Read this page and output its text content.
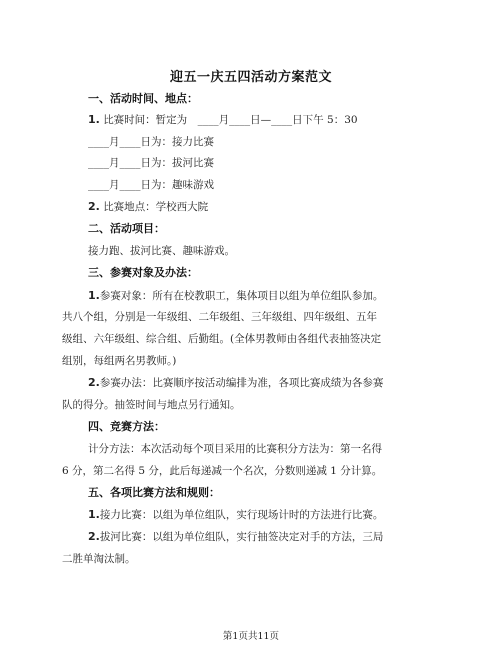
迎五一庆五四活动方案范文
一、活动时间、地点：
1. 比赛时间：暂定为　____月____日—____日下午 5：30
____月____日为：接力比赛
____月____日为：拔河比赛
____月____日为：趣味游戏
2. 比赛地点：学校西大院
二、活动项目：
接力跑、拔河比赛、趣味游戏。
三、参赛对象及办法：
1.参赛对象：所有在校教职工，集体项目以组为单位组队参加。
共八个组，分别是一年级组、二年级组、三年级组、四年级组、五年
级组、六年级组、综合组、后勤组。(全体男教师由各组代表抽签决定
组别，每组两名男教师。)
2.参赛办法：比赛顺序按活动编排为准，各项比赛成绩为各参赛
队的得分。抽签时间与地点另行通知。
四、竞赛方法：
计分方法：本次活动每个项目采用的比赛积分方法为：第一名得
6 分，第二名得 5 分，此后每递减一个名次，分数则递减 1 分计算。
五、各项比赛方法和规则：
1.接力比赛：以组为单位组队，实行现场计时的方法进行比赛。
2.拔河比赛：以组为单位组队，实行抽签决定对手的方法，三局
二胜单淘汰制。
第1页共11页
